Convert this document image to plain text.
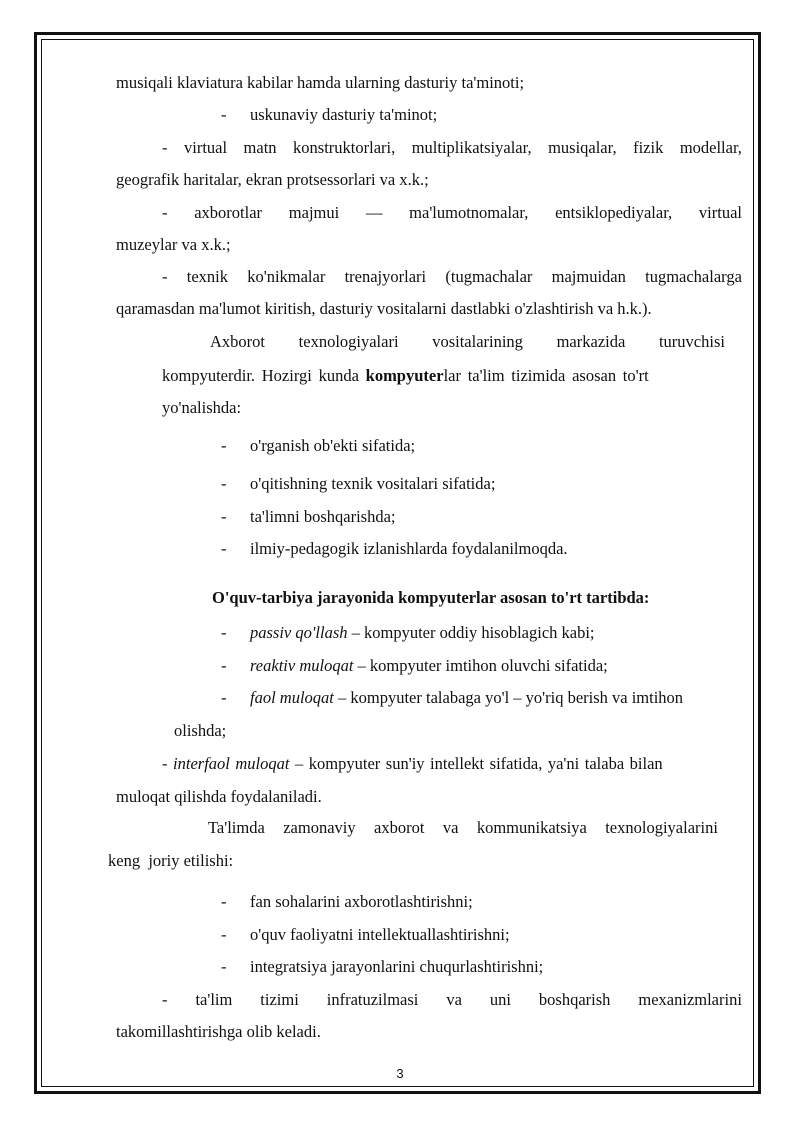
musiqali klaviatura kabilar hamda ularning dasturiy ta'minoti;

- uskunaviy dasturiy ta'minot;

- virtual matn konstruktorlari, multiplikatsiyalar, musiqalar, fizik modellar,

geografik haritalar, ekran protsessorlari va x.k.;

- axborotlar majmui — ma'lumotnomalar, entsiklopediyalar, virtual

muzeylar va x.k.;

- texnik ko'nikmalar trenajyorlari (tugmachalar majmuidan tugmachalarga

qaramasdan ma'lumot kiritish, dasturiy vositalarni dastlabki o'zlashtirish va h.k.).

Axborot texnologiyalari vositalarining markazida turuvchisi

kompyuterdir. Hozirgi kunda kompyuterlar ta'lim tizimida asosan to'rt

yo'nalishda:

- o'rganish ob'ekti sifatida;

- o'qitishning texnik vositalari sifatida;

- ta'limni boshqarishda;

- ilmiy-pedagogik izlanishlarda foydalanilmoqda.

O'quv-tarbiya jarayonida kompyuterlar asosan to'rt tartibda:

- passiv qo'llash – kompyuter oddiy hisoblagich kabi;

- reaktiv muloqat – kompyuter imtihon oluvchi sifatida;

- faol muloqat – kompyuter talabaga yo'l – yo'riq berish va imtihon

olishda;

- interfaol muloqat – kompyuter sun'iy intellekt sifatida, ya'ni talaba bilan

muloqat qilishda foydalaniladi.

Ta'limda zamonaviy axborot va kommunikatsiya texnologiyalarini

keng  joriy etilishi:

- fan sohalarini axborotlashtirishni;

- o'quv faoliyatni intellektuallashtirishni;

- integratsiya jarayonlarini chuqurlashtirishni;

- ta'lim tizimi infratuzilmasi va uni boshqarish mexanizmlarini

takomillashtirishga olib keladi.

3
